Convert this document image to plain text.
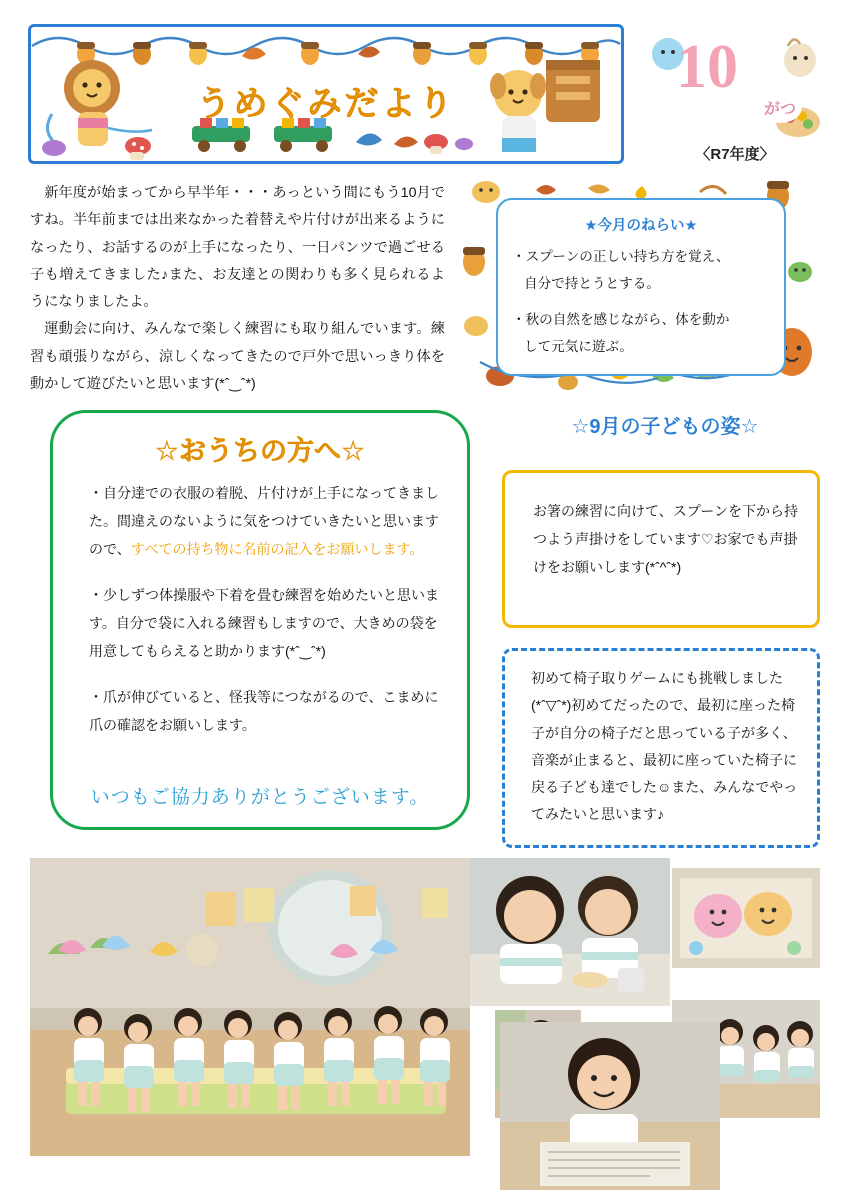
10
がつ
〈R7年度〉
うめぐみだより

新年度が始まってから早半年・・・あっという間にもう10月ですね。半年前までは出来なかった着替えや片付けが出来るようになったり、お話するのが上手になったり、一日パンツで過ごせる子も増えてきました♪また、お友達との関わりも多く見られるようになりましたよ。

運動会に向け、みんなで楽しく練習にも取り組んでいます。練習も頑張りながら、涼しくなってきたので戸外で思いっきり体を動かして遊びたいと思います(*ˆ‿ˆ*)

★今月のねらい★
・スプーンの正しい持ち方を覚え、
自分で持とうとする。
・秋の自然を感じながら、体を動か
して元気に遊ぶ。
☆おうちの方へ☆

・自分達での衣服の着脱、片付けが上手になってきました。間違えのないように気をつけていきたいと思いますので、すべての持ち物に名前の記入をお願いします。

・少しずつ体操服や下着を畳む練習を始めたいと思います。自分で袋に入れる練習もしますので、大きめの袋を用意してもらえると助かります(*ˆ‿ˆ*)

・爪が伸びていると、怪我等につながるので、こまめに爪の確認をお願いします。

いつもご協力ありがとうございます。
☆9月の子どもの姿☆
お箸の練習に向けて、スプーンを下から持つよう声掛けをしています♡お家でも声掛けをお願いします(*ˆ^ˆ*)
初めて椅子取りゲームにも挑戦しました(*ˆ▽ˆ*)初めてだったので、最初に座った椅子が自分の椅子だと思っている子が多く、音楽が止まると、最初に座っていた椅子に戻る子ども達でした☺また、みんなでやってみたいと思います♪
